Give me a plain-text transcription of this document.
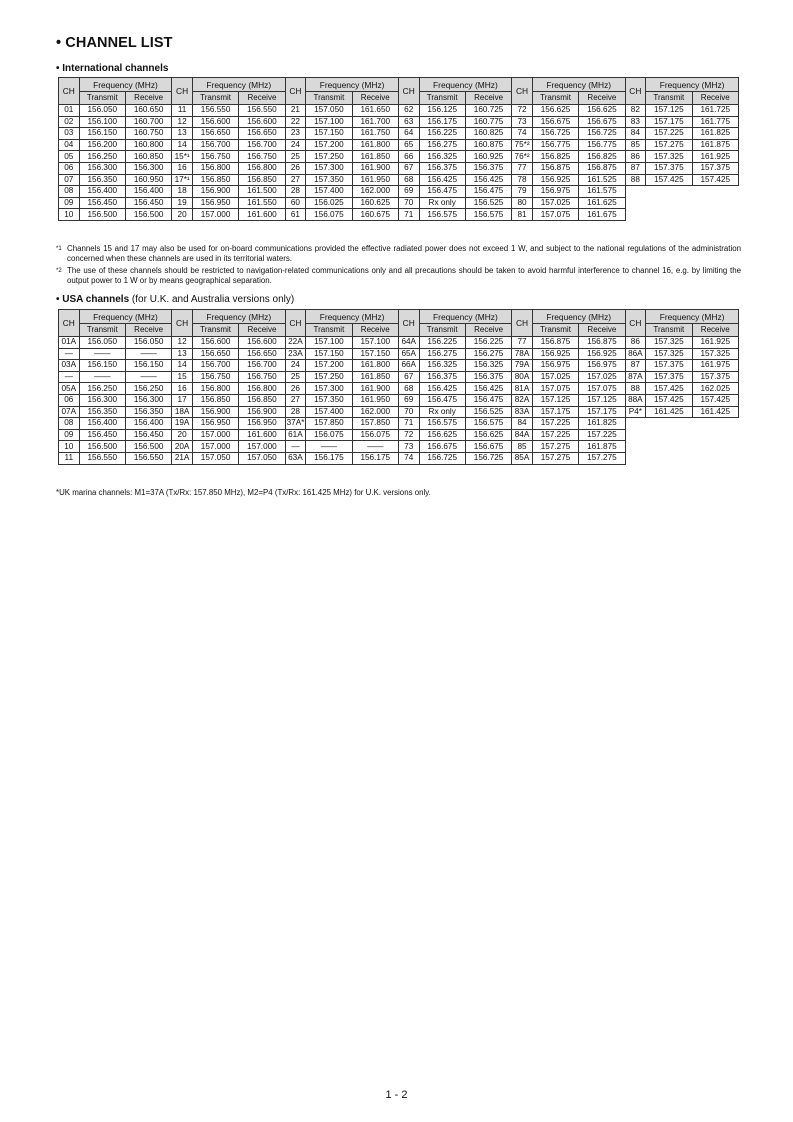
• CHANNEL LIST
• International channels
CH	Frequency (MHz)		CH	Frequency (MHz)		CH	Frequency (MHz)		CH	Frequency (MHz)		CH	Frequency (MHz)		CH	Frequency (MHz)	
	Transmit	Receive		Transmit	Receive		Transmit	Receive		Transmit	Receive		Transmit	Receive		Transmit	Receive
01	156.050	160.650	11	156.550	156.550	21	157.050	161.650	62	156.125	160.725	72	156.625	156.625	82	157.125	161.725
02	156.100	160.700	12	156.600	156.600	22	157.100	161.700	63	156.175	160.775	73	156.675	156.675	83	157.175	161.775
03	156.150	160.750	13	156.650	156.650	23	157.150	161.750	64	156.225	160.825	74	156.725	156.725	84	157.225	161.825
04	156.200	160.800	14	156.700	156.700	24	157.200	161.800	65	156.275	160.875	75*²	156.775	156.775	85	157.275	161.875
05	156.250	160.850	15*¹	156.750	156.750	25	157.250	161.850	66	156.325	160.925	76*²	156.825	156.825	86	157.325	161.925
06	156.300	156.300	16	156.800	156.800	26	157.300	161.900	67	156.375	156.375	77	156.875	156.875	87	157.375	157.375
07	156.350	160.950	17*¹	156.850	156.850	27	157.350	161.950	68	156.425	156.425	78	156.925	161.525	88	157.425	157.425
08	156.400	156.400	18	156.900	161.500	28	157.400	162.000	69	156.475	156.475	79	156.975	161.575			
09	156.450	156.450	19	156.950	161.550	60	156.025	160.625	70	Rx only	156.525	80	157.025	161.625			
10	156.500	156.500	20	157.000	161.600	61	156.075	160.675	71	156.575	156.575	81	157.075	161.675			
*1 Channels 15 and 17 may also be used for on-board communications provided the effective radiated power does not exceed 1 W, and subject to the national regulations of the administration concerned when these channels are used in its territorial waters.
*2 The use of these channels should be restricted to navigation-related communications only and all precautions should be taken to avoid harmful interference to channel 16, e.g. by limiting the output power to 1 W or by means geographical separation.
• USA channels (for U.K. and Australia versions only)
CH	Frequency (MHz)		CH	Frequency (MHz)		CH	Frequency (MHz)		CH	Frequency (MHz)		CH	Frequency (MHz)		CH	Frequency (MHz)	
	Transmit	Receive		Transmit	Receive		Transmit	Receive		Transmit	Receive		Transmit	Receive		Transmit	Receive
01A	156.050	156.050	12	156.600	156.600	22A	157.100	157.100	64A	156.225	156.225	77	156.875	156.875	86	157.325	161.925
—	——	——	13	156.650	156.650	23A	157.150	157.150	65A	156.275	156.275	78A	156.925	156.925	86A	157.325	157.325
03A	156.150	156.150	14	156.700	156.700	24	157.200	161.800	66A	156.325	156.325	79A	156.975	156.975	87	157.375	161.975
—	——	——	15	156.750	156.750	25	157.250	161.850	67	156.375	156.375	80A	157.025	157.025	87A	157.375	157.375
05A	156.250	156.250	16	156.800	156.800	26	157.300	161.900	68	156.425	156.425	81A	157.075	157.075	88	157.425	162.025
06	156.300	156.300	17	156.850	156.850	27	157.350	161.950	69	156.475	156.475	82A	157.125	157.125	88A	157.425	157.425
07A	156.350	156.350	18A	156.900	156.900	28	157.400	162.000	70	Rx only	156.525	83A	157.175	157.175	P4*	161.425	161.425
08	156.400	156.400	19A	156.950	156.950	37A*	157.850	157.850	71	156.575	156.575	84	157.225	161.825			
09	156.450	156.450	20	157.000	161.600	61A	156.075	156.075	72	156.625	156.625	84A	157.225	157.225			
10	156.500	156.500	20A	157.000	157.000	—	——	——	73	156.675	156.675	85	157.275	161.875			
11	156.550	156.550	21A	157.050	157.050	63A	156.175	156.175	74	156.725	156.725	85A	157.275	157.275			
*UK marina channels: M1=37A (Tx/Rx: 157.850 MHz), M2=P4 (Tx/Rx: 161.425 MHz) for U.K. versions only.
1 - 2
